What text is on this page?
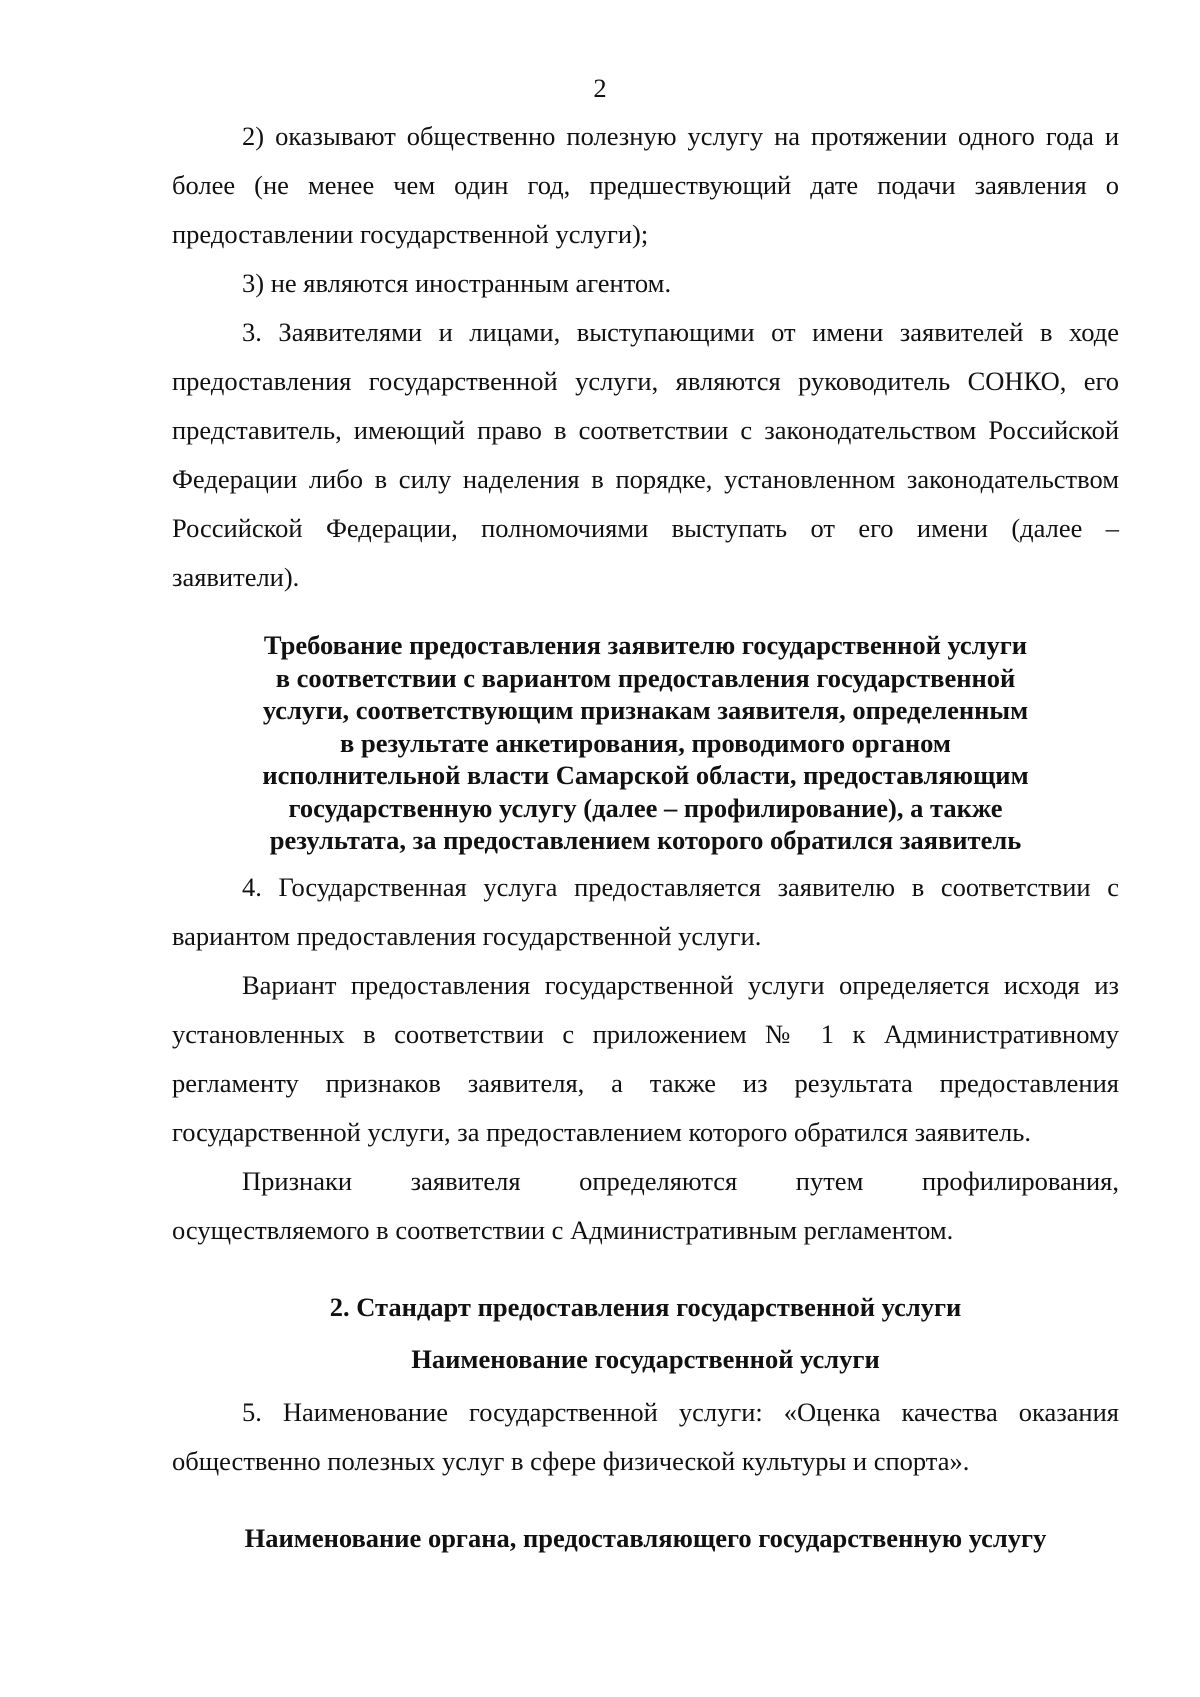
2

2) оказывают общественно полезную услугу на протяжении одного года и более (не менее чем один год, предшествующий дате подачи заявления о предоставлении государственной услуги);

3) не являются иностранным агентом.

3. Заявителями и лицами, выступающими от имени заявителей в ходе предоставления государственной услуги, являются руководитель СОНКО, его представитель, имеющий право в соответствии с законодательством Российской Федерации либо в силу наделения в порядке, установленном законодательством Российской Федерации, полномочиями выступать от его имени (далее – заявители).

Требование предоставления заявителю государственной услуги

в соответствии с вариантом предоставления государственной

услуги, соответствующим признакам заявителя, определенным

в результате анкетирования, проводимого органом

исполнительной власти Самарской области, предоставляющим

государственную услугу (далее – профилирование), а также

результата, за предоставлением которого обратился заявитель

4. Государственная услуга предоставляется заявителю в соответствии с вариантом предоставления государственной услуги.

Вариант предоставления государственной услуги определяется исходя из установленных в соответствии с приложением № 1 к Административному регламенту признаков заявителя, а также из результата предоставления государственной услуги, за предоставлением которого обратился заявитель.

Признаки заявителя определяются путем профилирования,

осуществляемого в соответствии с Административным регламентом.

2. Стандарт предоставления государственной услуги

Наименование государственной услуги

5. Наименование государственной услуги: «Оценка качества оказания общественно полезных услуг в сфере физической культуры и спорта».

Наименование органа, предоставляющего государственную услугу
